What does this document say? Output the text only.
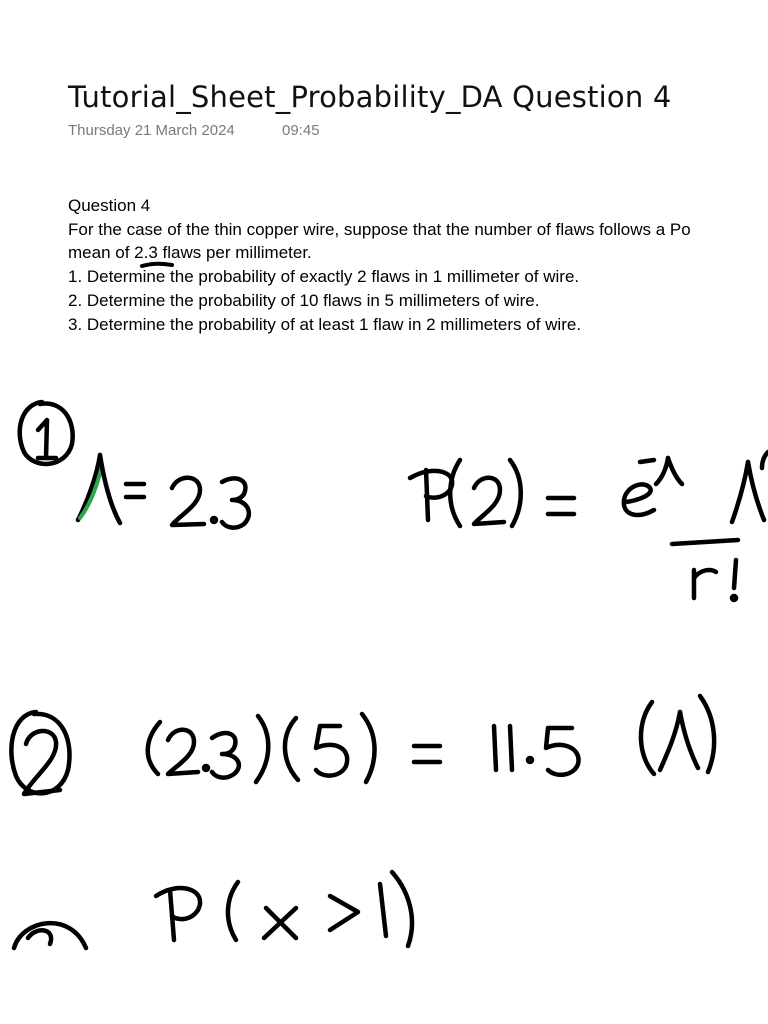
Tutorial_Sheet_Probability_DA Question 4
Thursday 21 March 2024	09:45
Question 4
For the case of the thin copper wire, suppose that the number of flaws follows a Po
mean of 2.3 flaws per millimeter.
1. Determine the probability of exactly 2 flaws in 1 millimeter of wire.
2. Determine the probability of 10 flaws in 5 millimeters of wire.
3. Determine the probability of at least 1 flaw in 2 millimeters of wire.
